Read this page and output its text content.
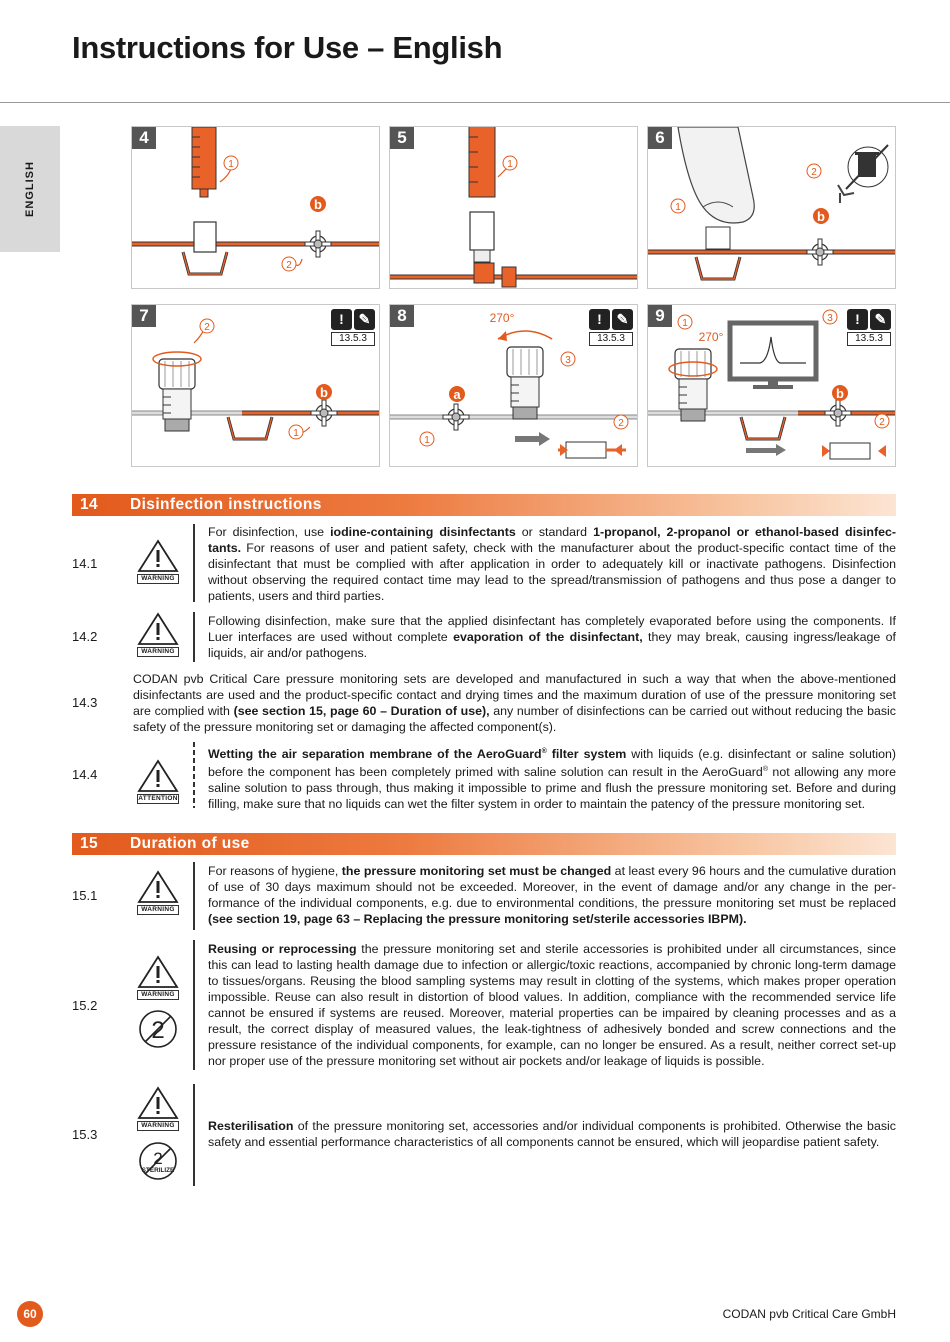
Instructions for Use – English
ENGLISH	1
b
2
4
1
5
2
1
b
6
2
b
1
7	!	✎
13.5.3
270°
3
a
1
2
8	!	✎
13.5.3	270°
1	3
b
2
9	!	✎
13.5.3
14 Disinfection instructions
14.1
WARNING
For disinfection, use iodine-containing disinfectants or standard 1-propanol, 2-propanol or ethanol-based disinfectants. For reasons of user and patient safety, check with the manufacturer about the product-specific contact time of the disinfectant that must be complied with after application in order to adequately kill or inactivate pathogens. Disinfection without observing the required contact time may lead to the spread/transmission of pathogens and thus pose a danger to patients, users and third parties.
14.2
WARNING
Following disinfection, make sure that the applied disinfectant has completely evaporated before using the components. If Luer interfaces are used without complete evaporation of the disinfectant, they may break, causing ingress/leakage of liquids, air and/or pathogens.
14.3
CODAN pvb Critical Care pressure monitoring sets are developed and manufactured in such a way that when the above-mentioned disinfectants are used and the product-specific contact and drying times and the maximum duration of use of the pressure monitoring set are complied with (see section 15, page 60 – Duration of use), any number of disinfections can be carried out without reducing the basic safety of the pressure monitoring set or damaging the affected component(s).
14.4
ATTENTION
Wetting the air separation membrane of the AeroGuard® filter system with liquids (e.g. disinfectant or saline solution) before the component has been completely primed with saline solution can result in the AeroGuard® not allowing any more saline solution to pass through, thus making it impossible to prime and flush the pressure monitoring set. Before and during filling, make sure that no liquids can wet the filter system in order to maintain the patency of the pressure monitoring set.
15 Duration of use
15.1
WARNING
For reasons of hygiene, the pressure monitoring set must be changed at least every 96 hours and the cumulative duration of use of 30 days maximum should not be exceeded. Moreover, in the event of damage and/or any change in the performance of the individual components, e.g. due to environmental conditions, the pressure monitoring set must be replaced (see section 19, page 63 – Replacing the pressure monitoring set/sterile accessories IBPM).
15.2
WARNING
2
Reusing or reprocessing the pressure monitoring set and sterile accessories is prohibited under all circumstances, since this can lead to lasting health damage due to infection or allergic/toxic reactions, accompanied by chronic long-term damage to tissues/organs. Reusing the blood sampling systems may result in clotting of the systems, which makes proper operation impossible. Reuse can also result in distortion of blood values. In addition, compliance with the recommended service life cannot be ensured if systems are reused. Moreover, material properties can be impaired by cleaning processes and as a result, the correct display of measured values, the leak-tightness of adhesively bonded and screw connections and the pressure resistance of the individual components, for example, can no longer be ensured. As a result, neither correct set-up nor proper use of the pressure monitoring set without air pockets and/or leakage of liquids is possible.
15.3
WARNING
2
STERILIZE
Resterilisation of the pressure monitoring set, accessories and/or individual components is prohibited. Otherwise the basic safety and essential performance characteristics of all components cannot be ensured, which will jeopardise patient safety.
60	CODAN pvb Critical Care GmbH
